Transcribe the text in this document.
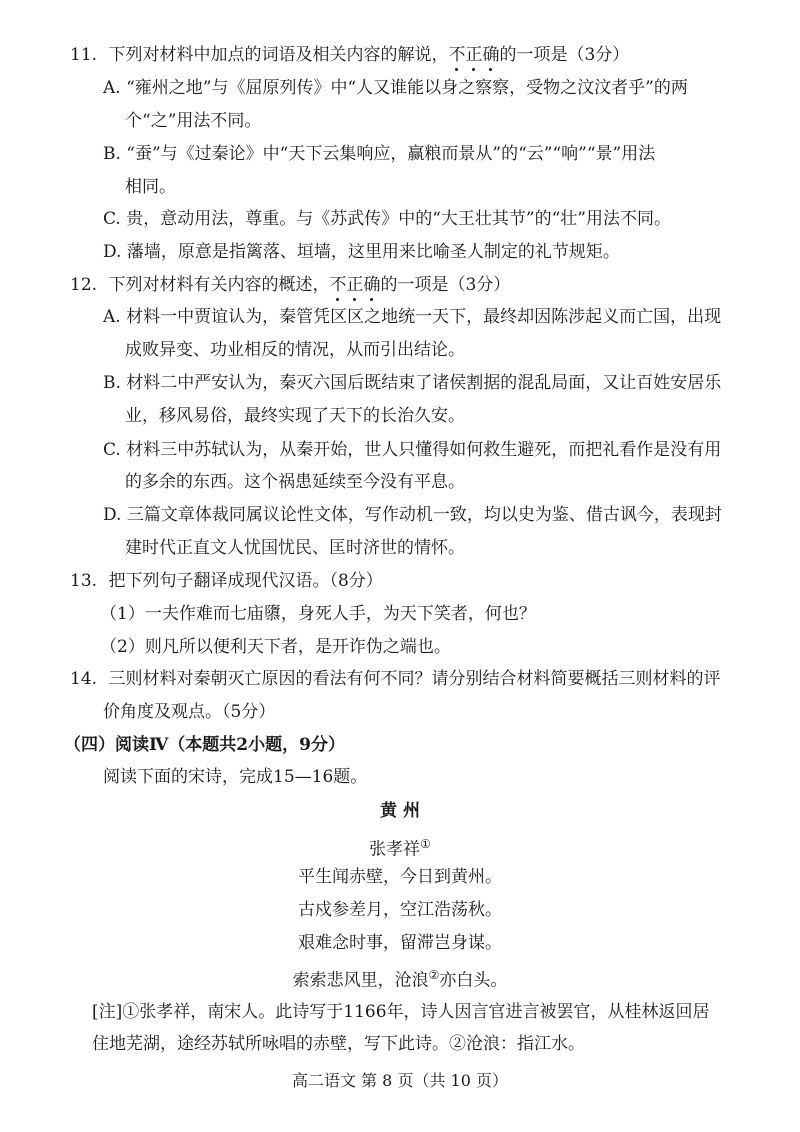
11. 下列对材料中加点的词语及相关内容的解说，不正确的一项是（3分）
A. “雍州之地”与《屈原列传》中“人又谁能以身之察察，受物之汶汶者乎”的两
个“之”用法不同。
B. “蚕”与《过秦论》中“天下云集响应，赢粮而景从”的“云”“响”“景”用法
相同。
C. 贵，意动用法，尊重。与《苏武传》中的“大王壮其节”的“壮”用法不同。
D. 藩墙，原意是指篱落、垣墙，这里用来比喻圣人制定的礼节规矩。
12. 下列对材料有关内容的概述，不正确的一项是（3分）
A. 材料一中贾谊认为，秦管凭区区之地统一天下，最终却因陈涉起义而亡国，出现
成败异变、功业相反的情况，从而引出结论。
B. 材料二中严安认为，秦灭六国后既结束了诸侯割据的混乱局面，又让百姓安居乐
业，移风易俗，最终实现了天下的长治久安。
C. 材料三中苏轼认为，从秦开始，世人只懂得如何救生避死，而把礼看作是没有用
的多余的东西。这个祸患延续至今没有平息。
D. 三篇文章体裁同属议论性文体，写作动机一致，均以史为鉴、借古讽今，表现封
建时代正直文人忧国忧民、匡时济世的情怀。
13. 把下列句子翻译成现代汉语。（8分）
（1）一夫作难而七庙隳，身死人手，为天下笑者，何也？
（2）则凡所以便利天下者，是开诈伪之端也。
14. 三则材料对秦朝灭亡原因的看法有何不同？请分别结合材料简要概括三则材料的评
价角度及观点。（5分）
（四）阅读Ⅳ（本题共2小题，9分）
阅读下面的宋诗，完成15—16题。
黄 州
张孝祥①
平生闻赤壁，今日到黄州。
古戍参差月，空江浩荡秋。
艰难念时事，留滞岂身谋。
索索悲风里，沧浪②亦白头。
高二语文 第 8 页（共 10 页）
[注]①张孝祥，南宋人。此诗写于1166年，诗人因言官进言被罢官，从桂林返回居
住地芜湖，途经苏轼所咏唱的赤壁，写下此诗。②沧浪：指江水。
